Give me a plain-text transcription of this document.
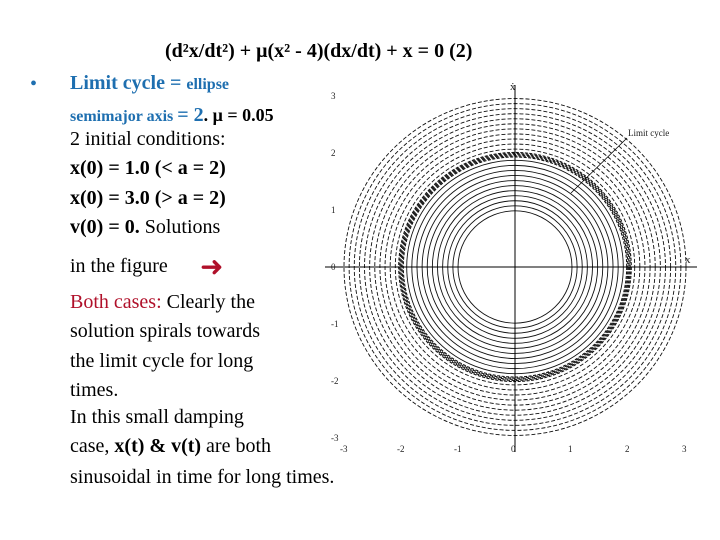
(d²x/dt²) + μ(x² - 4)(dx/dt) + x = 0 (2)
• Limit cycle = ellipse
semimajor axis = 2. μ = 0.05
2 initial conditions:
x(0) = 1.0 (< a = 2)
x(0) = 3.0 (> a = 2)
v(0) = 0. Solutions
in the figure ➜
Both cases: Clearly the
solution spirals towards
the limit cycle for long
times.
In this small damping
case, x(t) & v(t) are both
sinusoidal in time for long times.
-3	-2	-1	0	1	2	3
3
2
1
0
-1
-2
-3
x
ẋ
Limit cycle
